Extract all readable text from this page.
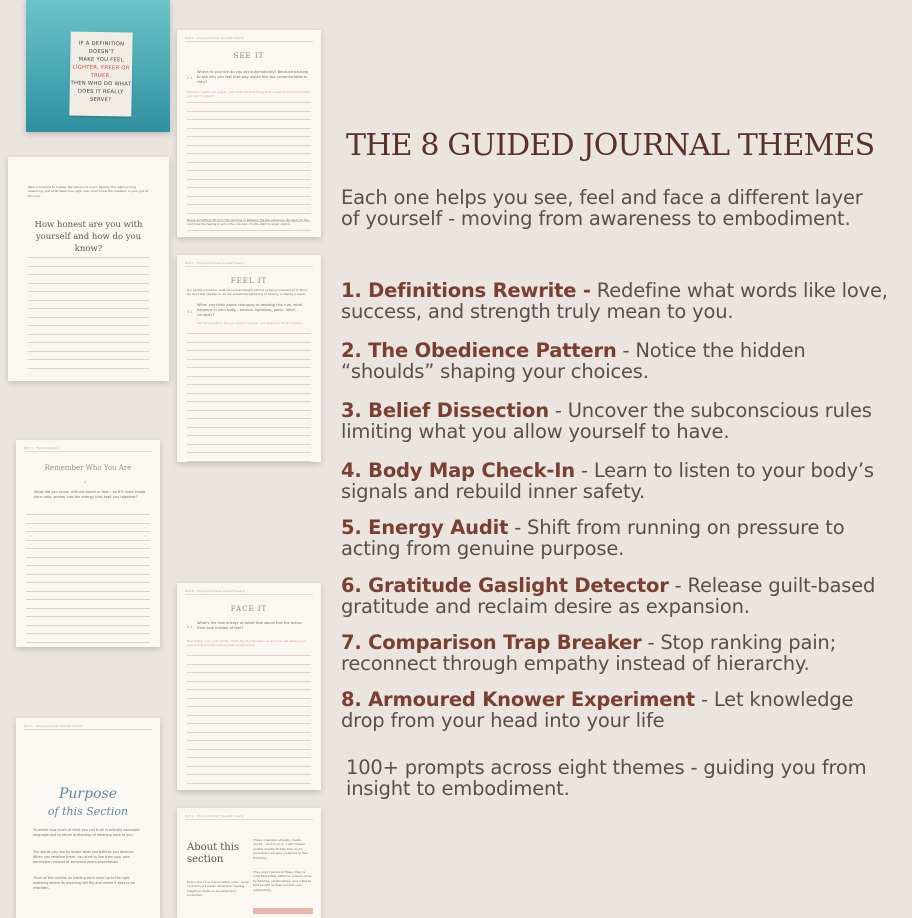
IF A DEFINITION
DOESN'T
MAKE YOU FEEL
LIGHTER, FREER OR
TRUER,
THEN WHO DO WHAT
DOES IT REALLY SERVE?
Part 2 · The Journal Set Yourself Clearly
SEE IT
2.1
Where in your life do you act automatically? Because pausing to ask why you feel that way would feel too uncomfortable or risky?
Choose a particular event - just write the first thing that comes to mind (and then you don't judge it).
Doing something not from the standing in-between the two extremes. Be ready for the next time the feeling to act in the unknown. It's the start to larger control.
Take a moment to answer the below (no rush). Review the night so long reasoning, just what feels true right now. You'll know the question in your gut at the end.
How honest are you with yourself and how do you know?
Part 3 · The Journal Feel Yourself Clearly
FEEL IT
Our bodies remember what we've been taught without us being conscious of it. When we don't feel obedience, we are sometimes tightening or tensing, or feeling a result.
3.1
When you think about changing or bending this rule, what happens in your body - tension, lightness, panic, relief, curiosity?
Let the sensation tell you what it means - not what you think it means.
Part 4 · The Integration
Remember Who You Are
4
What did you know, without doubt or fear - as if it lived inside your cells, woven into the energy that kept you together?
Part 5 · The Journal Face Yourself Clearly
FACE IT
5.1
What's the new energy or belief that would fuel the action from love instead of fear?
Remember your new words. Think about a situation on an inner list where your new words and the actions that would follow.
Part 1 · The Journal Set Yourself Clearly
Purpose
of this Section
To reveal how much of what you call truth is actually borrowed language and to return authorship of meaning back to you.
The words you live by shape what you believe you deserve. When you redefine them, you start to live from your own permission instead of someone else's expectation.
Think of this section as holding each word up to the light, watching where its meaning still fits and where it asks to be rewritten.
Part 2 · The Journal Set Yourself Clearly
About this
section
Every one of us has invisible rules - quiet contracts we never remember signing. Insight to make us accepted and protected.
These unspoken shoulds, musts, don'ts... and if not X, Y will happen quietly quietly dictate how much permission we give ourselves to feel truthfully.
They aren't personal flaws; they're inherited safety patterns, passed down by families, relationships, and cultures that taught us that survival over authenticity.
THE 8 GUIDED JOURNAL THEMES
Each one helps you see, feel and face a different layer of yourself - moving from awareness to embodiment.
1. Definitions Rewrite - Redefine what words like love, success, and strength truly mean to you.
2. The Obedience Pattern - Notice the hidden “shoulds” shaping your choices.
3. Belief Dissection - Uncover the subconscious rules limiting what you allow yourself to have.
4. Body Map Check-In - Learn to listen to your body’s signals and rebuild inner safety.
5. Energy Audit - Shift from running on pressure to acting from genuine purpose.
6. Gratitude Gaslight Detector - Release guilt-based gratitude and reclaim desire as expansion.
7. Comparison Trap Breaker - Stop ranking pain; reconnect through empathy instead of hierarchy.
8. Armoured Knower Experiment - Let knowledge drop from your head into your life
100+ prompts across eight themes - guiding you from insight to embodiment.
